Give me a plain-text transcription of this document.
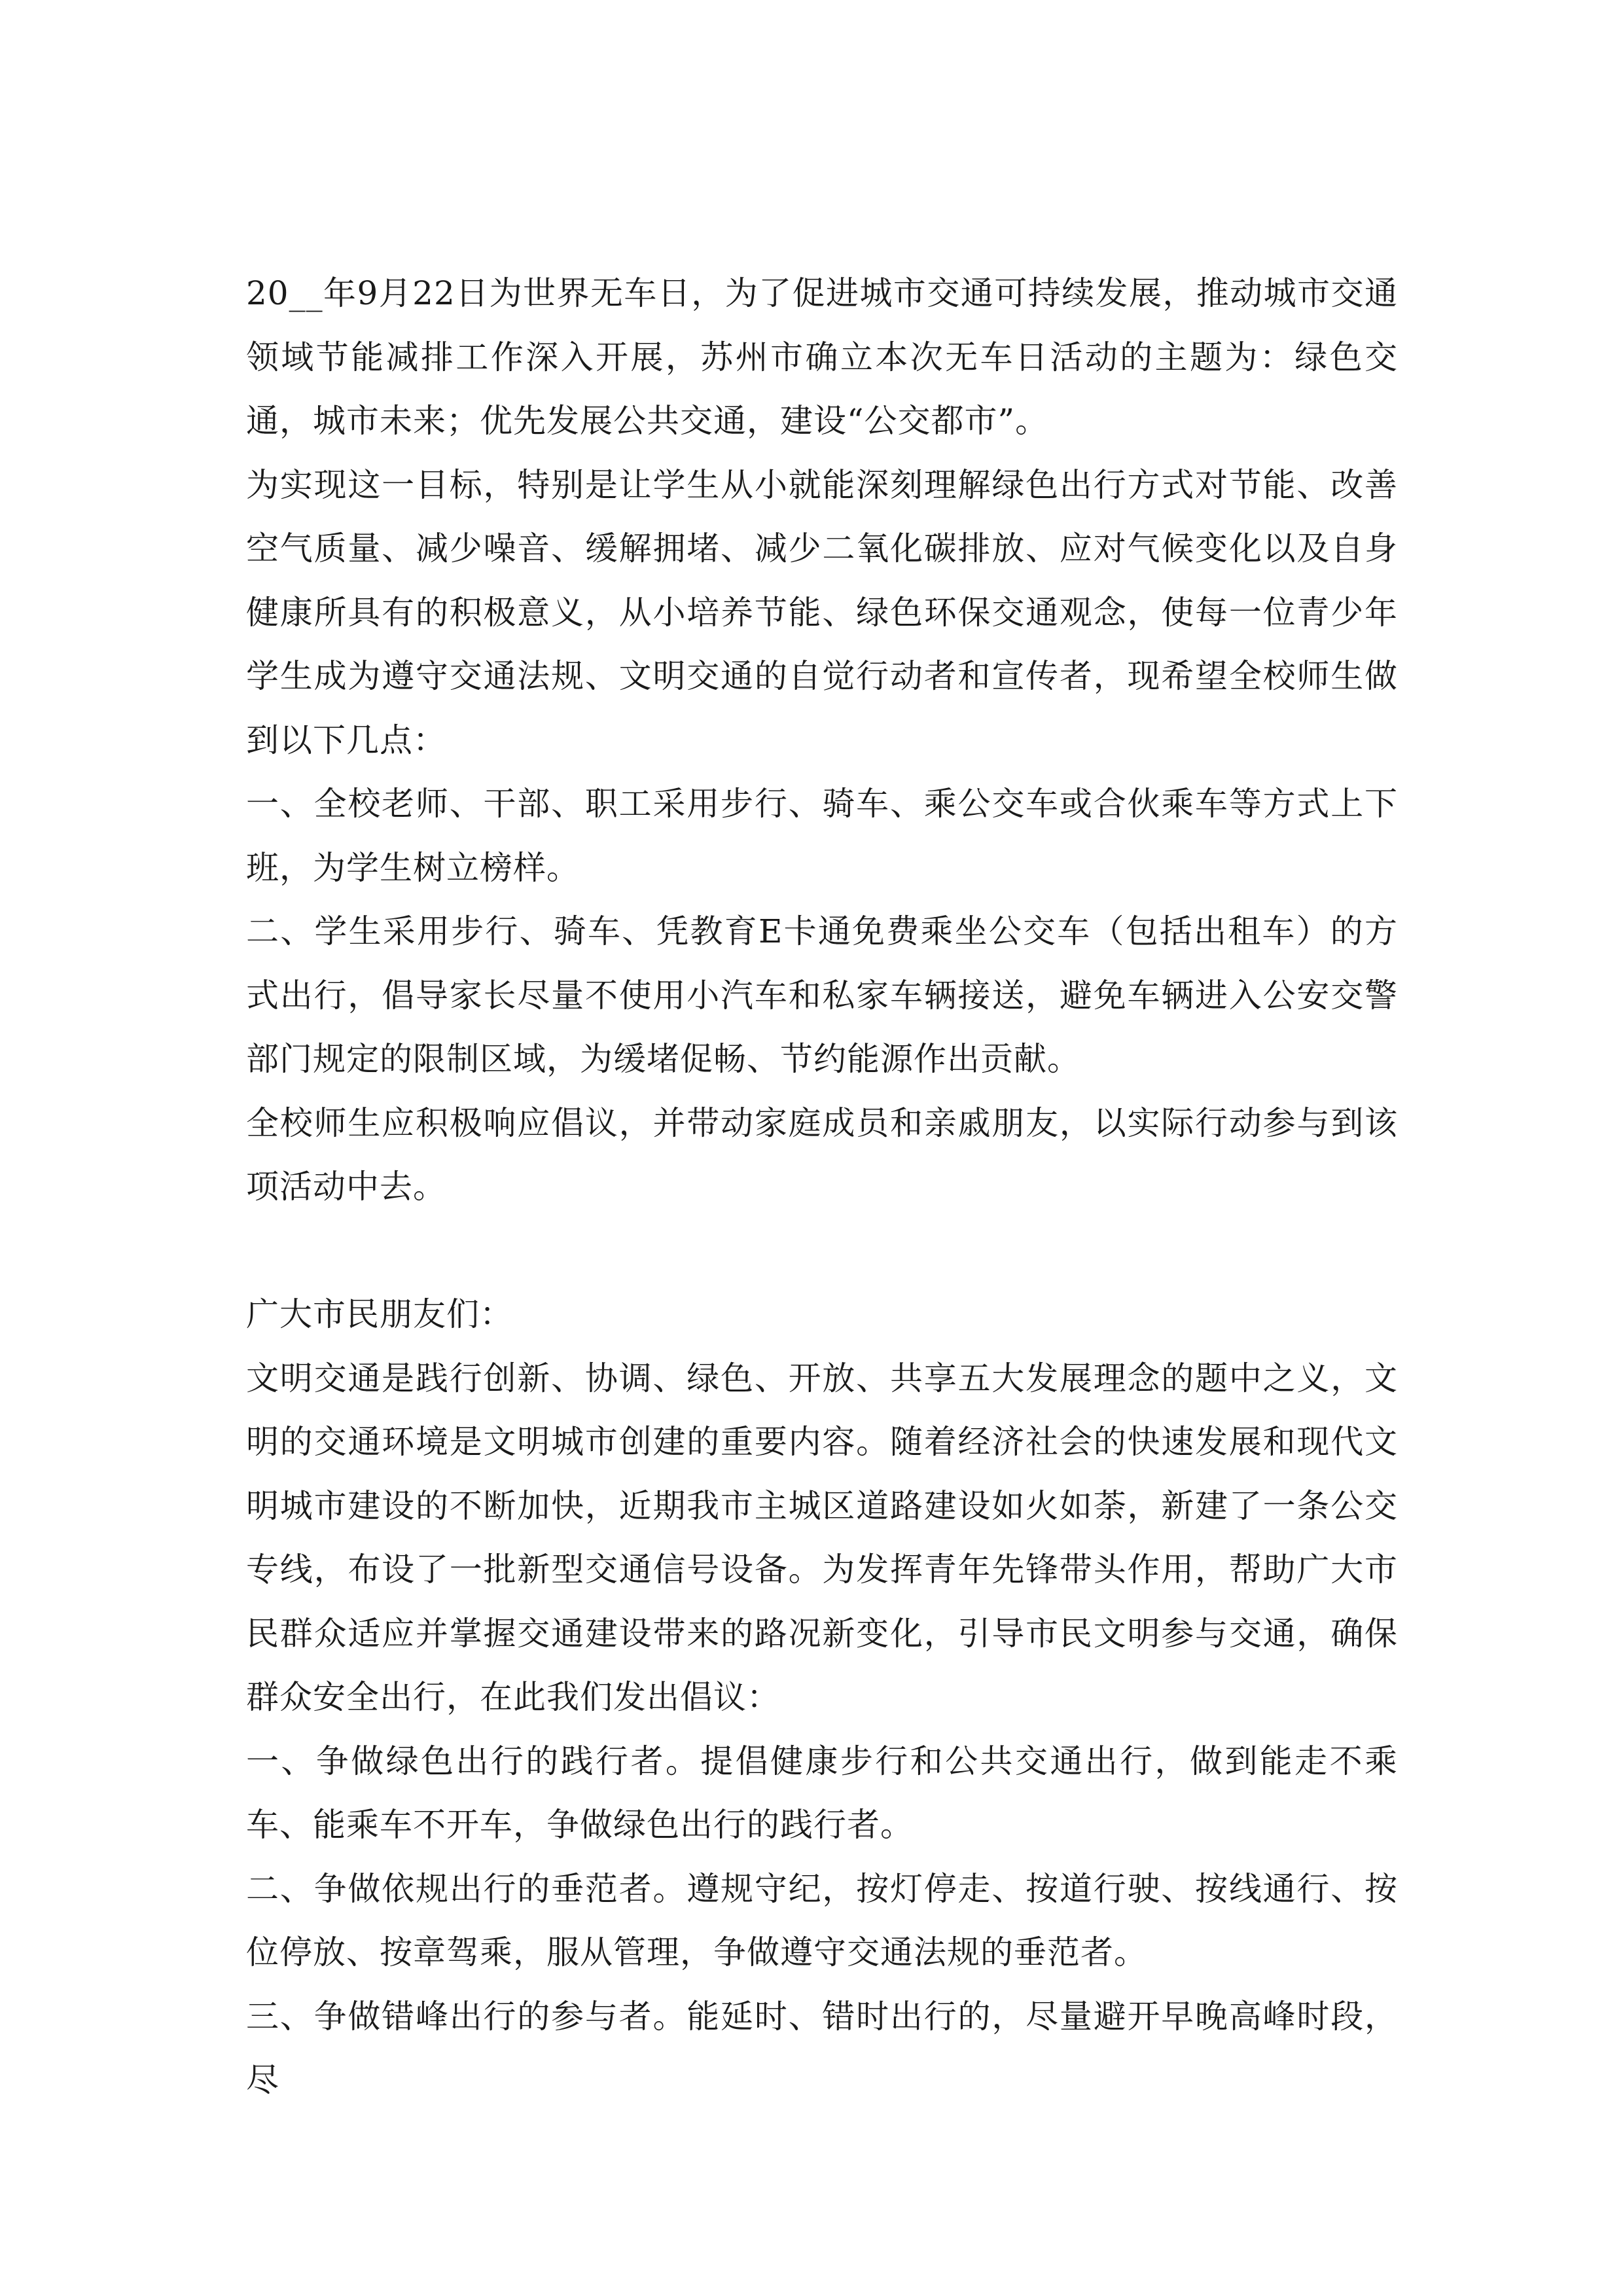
20__年9月22日为世界无车日，为了促进城市交通可持续发展，推动城市交通领域节能减排工作深入开展，苏州市确立本次无车日活动的主题为：绿色交通，城市未来；优先发展公共交通，建设“公交都市”。

为实现这一目标，特别是让学生从小就能深刻理解绿色出行方式对节能、改善空气质量、减少噪音、缓解拥堵、减少二氧化碳排放、应对气候变化以及自身健康所具有的积极意义，从小培养节能、绿色环保交通观念，使每一位青少年学生成为遵守交通法规、文明交通的自觉行动者和宣传者，现希望全校师生做到以下几点：

一、全校老师、干部、职工采用步行、骑车、乘公交车或合伙乘车等方式上下班，为学生树立榜样。

二、学生采用步行、骑车、凭教育E卡通免费乘坐公交车（包括出租车）的方式出行，倡导家长尽量不使用小汽车和私家车辆接送，避免车辆进入公安交警部门规定的限制区域，为缓堵促畅、节约能源作出贡献。

全校师生应积极响应倡议，并带动家庭成员和亲戚朋友，以实际行动参与到该项活动中去。

广大市民朋友们：

文明交通是践行创新、协调、绿色、开放、共享五大发展理念的题中之义，文明的交通环境是文明城市创建的重要内容。随着经济社会的快速发展和现代文明城市建设的不断加快，近期我市主城区道路建设如火如荼，新建了一条公交专线，布设了一批新型交通信号设备。为发挥青年先锋带头作用，帮助广大市民群众适应并掌握交通建设带来的路况新变化，引导市民文明参与交通，确保群众安全出行，在此我们发出倡议：

一、争做绿色出行的践行者。提倡健康步行和公共交通出行，做到能走不乘车、能乘车不开车，争做绿色出行的践行者。

二、争做依规出行的垂范者。遵规守纪，按灯停走、按道行驶、按线通行、按位停放、按章驾乘，服从管理，争做遵守交通法规的垂范者。

三、争做错峰出行的参与者。能延时、错时出行的，尽量避开早晚高峰时段，尽
